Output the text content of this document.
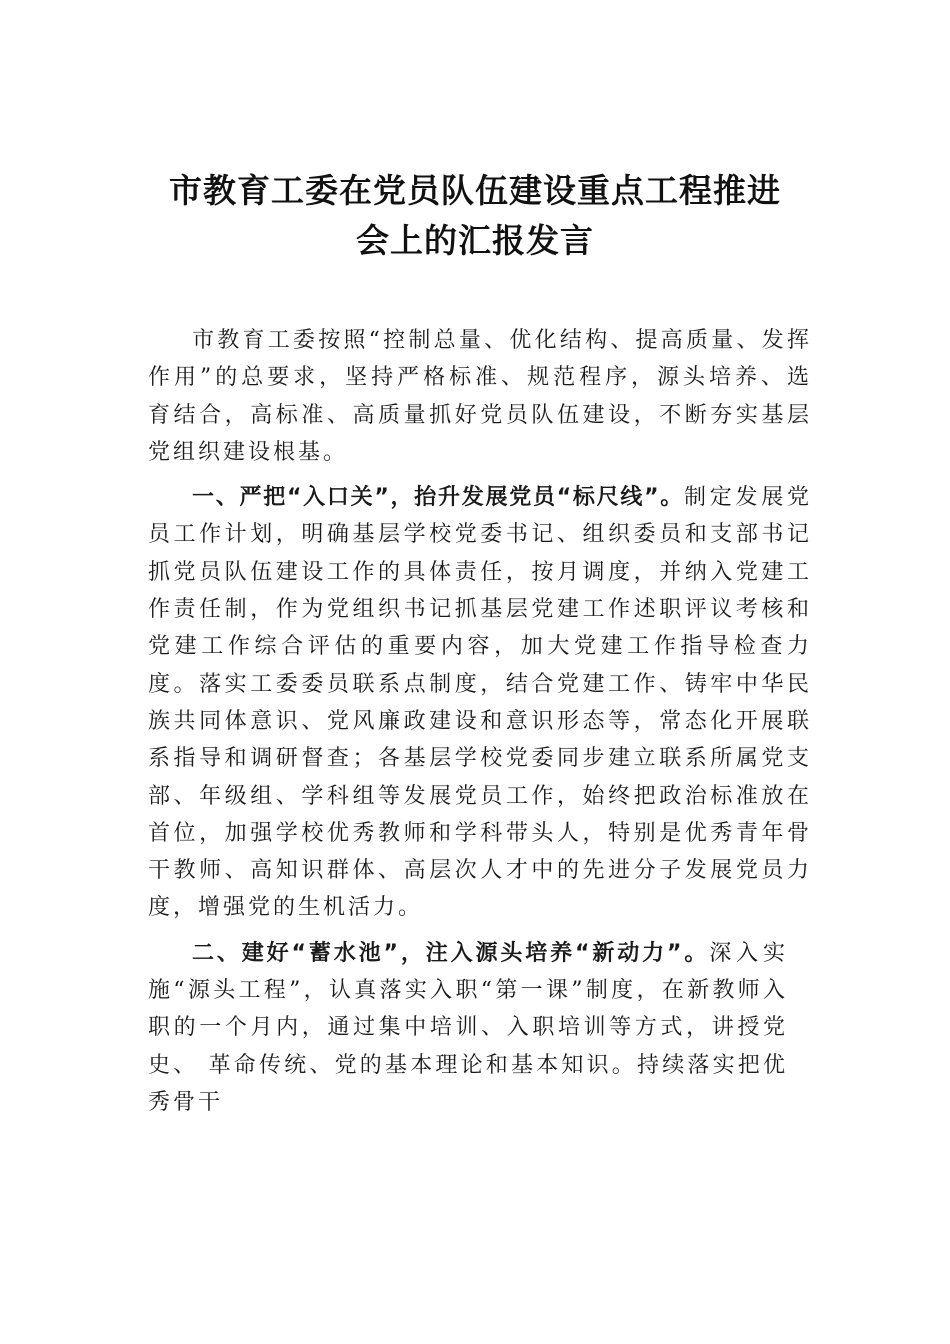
市教育工委在党员队伍建设重点工程推进
会上的汇报发言

市教育工委按照“控制总量、优化结构、提高质量、发挥作用”的总要求，坚持严格标准、规范程序，源头培养、选育结合，高标准、高质量抓好党员队伍建设，不断夯实基层党组织建设根基。

一、严把“入口关”，抬升发展党员“标尺线”。制定发展党员工作计划，明确基层学校党委书记、组织委员和支部书记抓党员队伍建设工作的具体责任，按月调度，并纳入党建工作责任制，作为党组织书记抓基层党建工作述职评议考核和党建工作综合评估的重要内容，加大党建工作指导检查力度。落实工委委员联系点制度，结合党建工作、铸牢中华民族共同体意识、党风廉政建设和意识形态等，常态化开展联系指导和调研督查；各基层学校党委同步建立联系所属党支部、年级组、学科组等发展党员工作，始终把政治标准放在首位，加强学校优秀教师和学科带头人，特别是优秀青年骨干教师、高知识群体、高层次人才中的先进分子发展党员力度，增强党的生机活力。

二、建好“蓄水池”，注入源头培养“新动力”。深入实 施“源头工程”，认真落实入职“第一课”制度，在新教师入 职的一个月内，通过集中培训、入职培训等方式，讲授党史、 革命传统、党的基本理论和基本知识。持续落实把优秀骨干
